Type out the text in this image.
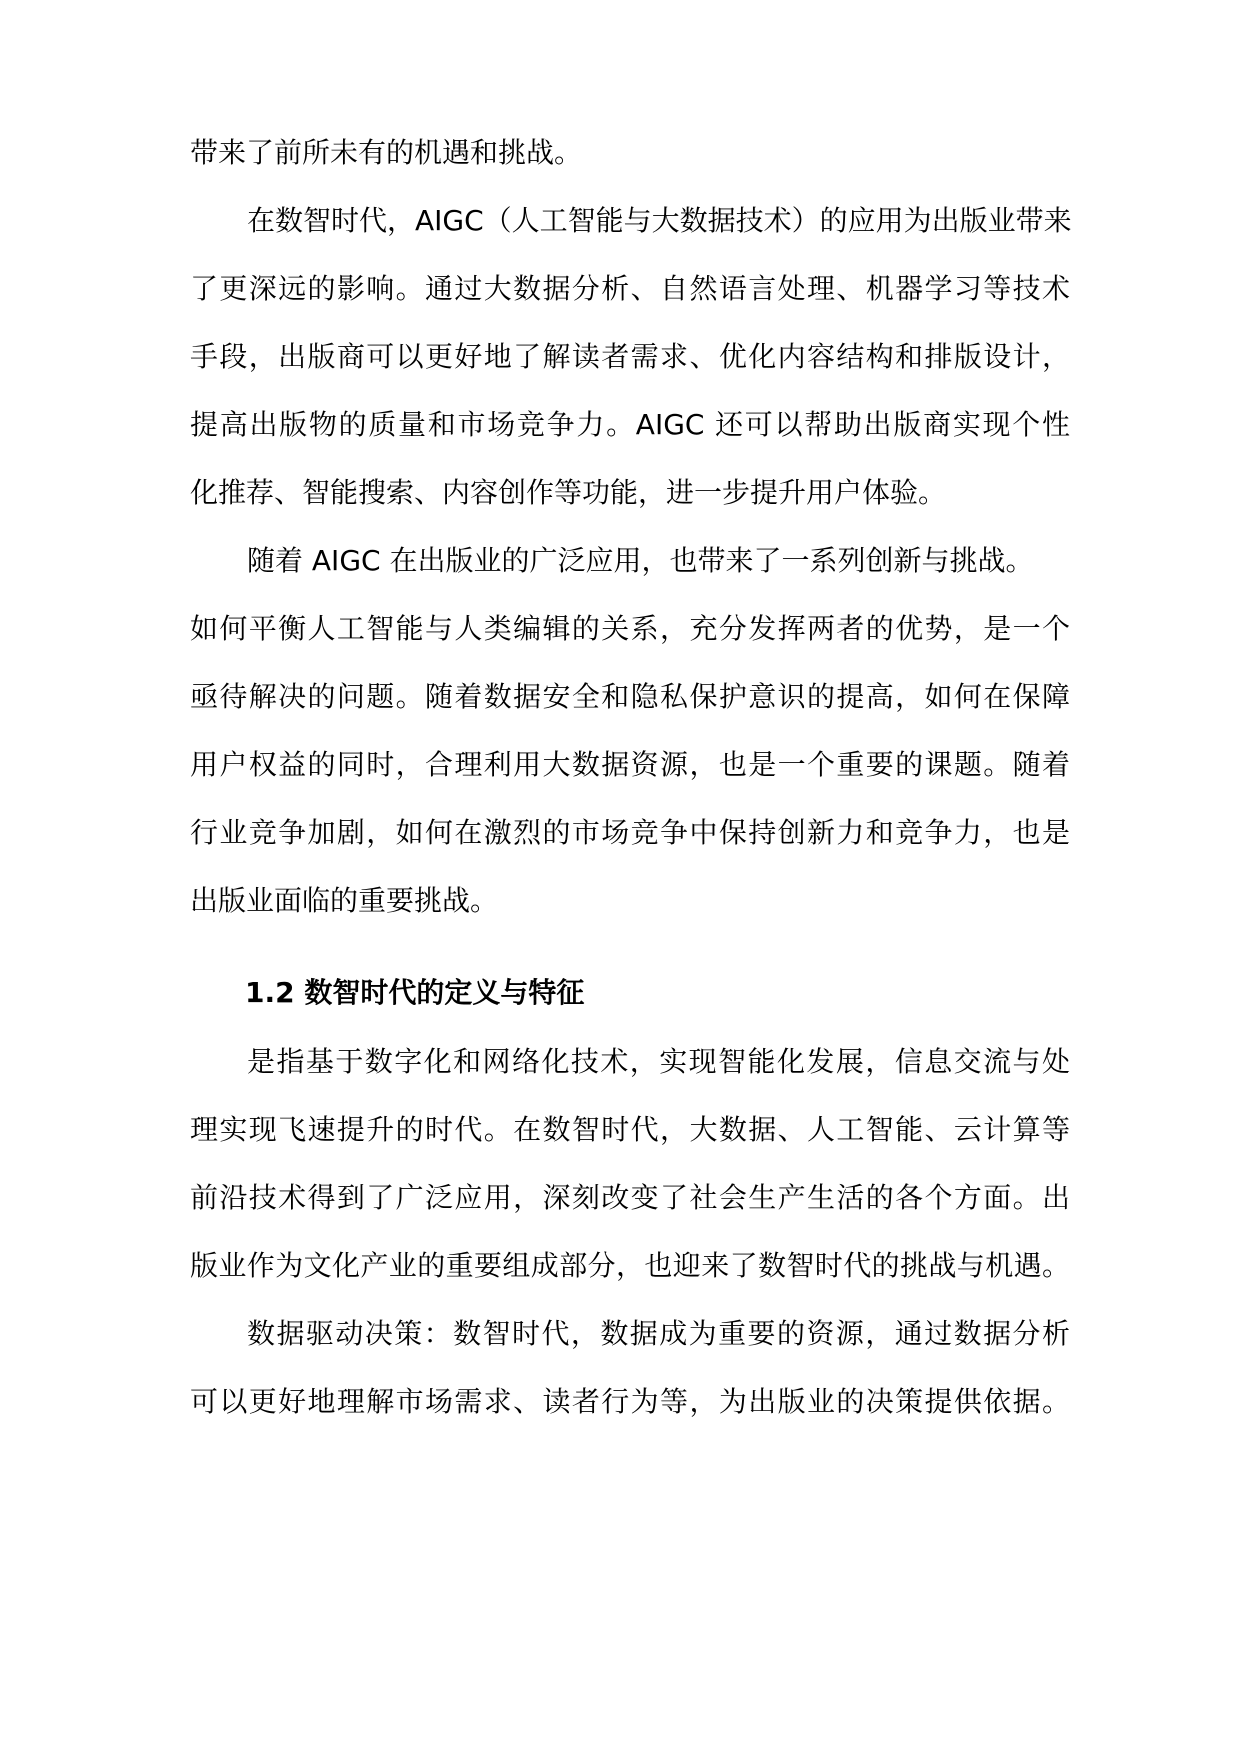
带来了前所未有的机遇和挑战。

在数智时代，AIGC（人工智能与大数据技术）的应用为出版业带来

了更深远的影响。通过大数据分析、自然语言处理、机器学习等技术

手段，出版商可以更好地了解读者需求、优化内容结构和排版设计，

提高出版物的质量和市场竞争力。AIGC 还可以帮助出版商实现个性

化推荐、智能搜索、内容创作等功能，进一步提升用户体验。

随着 AIGC 在出版业的广泛应用，也带来了一系列创新与挑战。

如何平衡人工智能与人类编辑的关系，充分发挥两者的优势，是一个

亟待解决的问题。随着数据安全和隐私保护意识的提高，如何在保障

用户权益的同时，合理利用大数据资源，也是一个重要的课题。随着

行业竞争加剧，如何在激烈的市场竞争中保持创新力和竞争力，也是

出版业面临的重要挑战。

1.2 数智时代的定义与特征

是指基于数字化和网络化技术，实现智能化发展，信息交流与处

理实现飞速提升的时代。在数智时代，大数据、人工智能、云计算等

前沿技术得到了广泛应用，深刻改变了社会生产生活的各个方面。出

版业作为文化产业的重要组成部分，也迎来了数智时代的挑战与机遇。

数据驱动决策：数智时代，数据成为重要的资源，通过数据分析

可以更好地理解市场需求、读者行为等，为出版业的决策提供依据。
